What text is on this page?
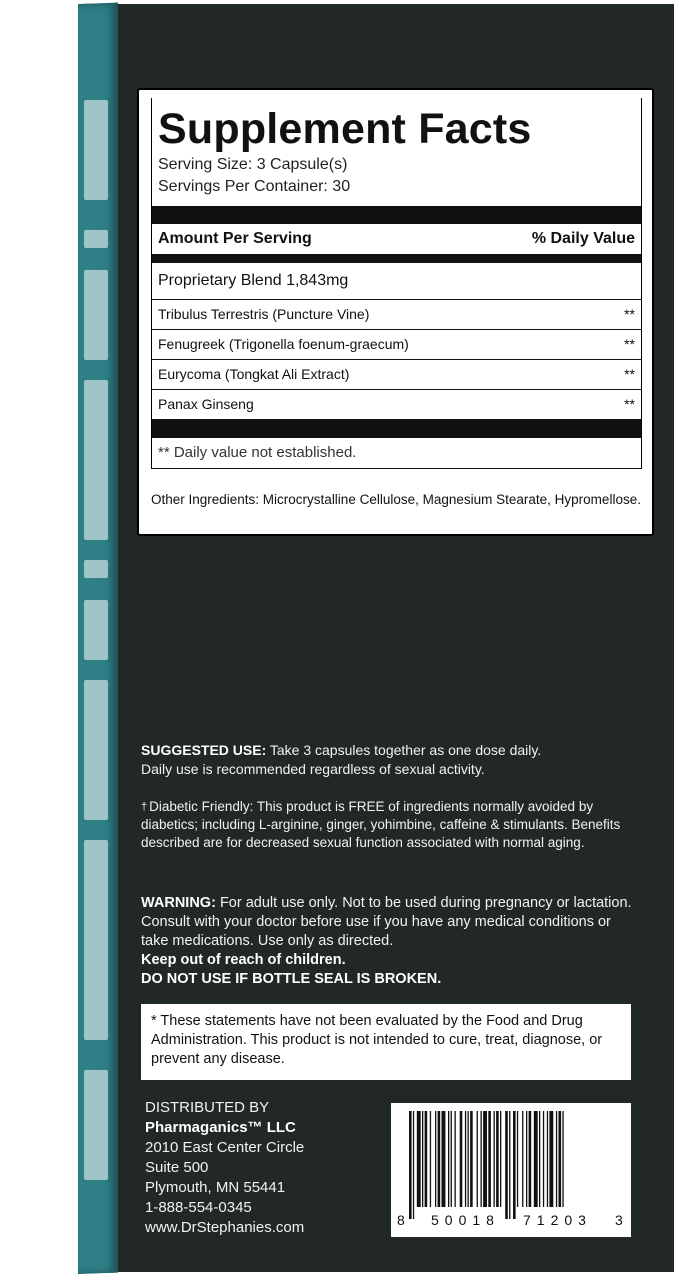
Supplement Facts
Serving Size: 3 Capsule(s)
Servings Per Container: 30
Amount Per Serving	% Daily Value
Proprietary Blend 1,843mg
Tribulus Terrestris (Puncture Vine)	**
Fenugreek (Trigonella foenum-graecum)	**
Eurycoma (Tongkat Ali Extract)	**
Panax Ginseng	**
** Daily value not established.
Other Ingredients: Microcrystalline Cellulose, Magnesium Stearate, Hypromellose.
SUGGESTED USE: Take 3 capsules together as one dose daily.
Daily use is recommended regardless of sexual activity.
† Diabetic Friendly: This product is FREE of ingredients normally avoided by diabetics; including L-arginine, ginger, yohimbine, caffeine & stimulants. Benefits described are for decreased sexual function associated with normal aging.
WARNING: For adult use only. Not to be used during pregnancy or lactation. Consult with your doctor before use if you have any medical conditions or take medications. Use only as directed.
Keep out of reach of children.
DO NOT USE IF BOTTLE SEAL IS BROKEN.
* These statements have not been evaluated by the Food and Drug Administration. This product is not intended to cure, treat, diagnose, or prevent any disease.
DISTRIBUTED BY
Pharmaganics™ LLC
2010 East Center Circle
Suite 500
Plymouth, MN 55441
1-888-554-0345
www.DrStephanies.com	8 50018 71203 3
